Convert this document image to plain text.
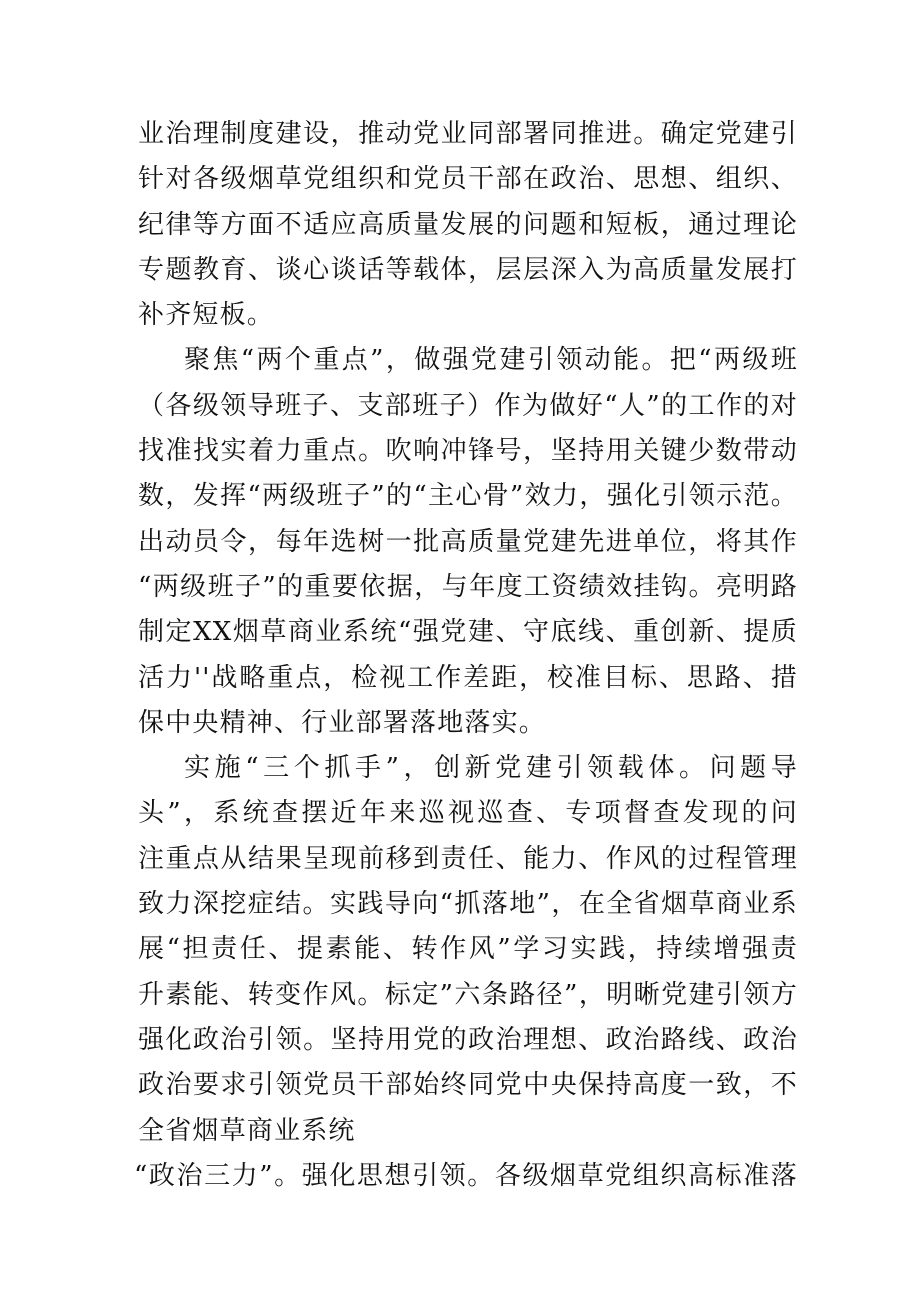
业治理制度建设，推动党业同部署同推进。确定党建引
针对各级烟草党组织和党员干部在政治、思想、组织、
纪律等方面不适应高质量发展的问题和短板，通过理论
专题教育、谈心谈话等载体，层层深入为高质量发展打
补齐短板。
聚焦“两个重点”，做强党建引领动能。把“两级班
（各级领导班子、支部班子）作为做好“人”的工作的对
找准找实着力重点。吹响冲锋号，坚持用关键少数带动
数，发挥“两级班子”的“主心骨”效力，强化引领示范。
出动员令，每年选树一批高质量党建先进单位，将其作
“两级班子”的重要依据，与年度工资绩效挂钩。亮明路
制定XX烟草商业系统“强党建、守底线、重创新、提质
活力''战略重点，检视工作差距，校准目标、思路、措
保中央精神、行业部署落地落实。
实施“三个抓手”，创新党建引领载体。问题导
头”，系统查摆近年来巡视巡查、专项督查发现的问
注重点从结果呈现前移到责任、能力、作风的过程管理
致力深挖症结。实践导向“抓落地”，在全省烟草商业系
展“担责任、提素能、转作风”学习实践，持续增强责
升素能、转变作风。标定”六条路径”，明晰党建引领方
强化政治引领。坚持用党的政治理想、政治路线、政治
政治要求引领党员干部始终同党中央保持高度一致，不
全省烟草商业系统
“政治三力”。强化思想引领。各级烟草党组织高标准落
